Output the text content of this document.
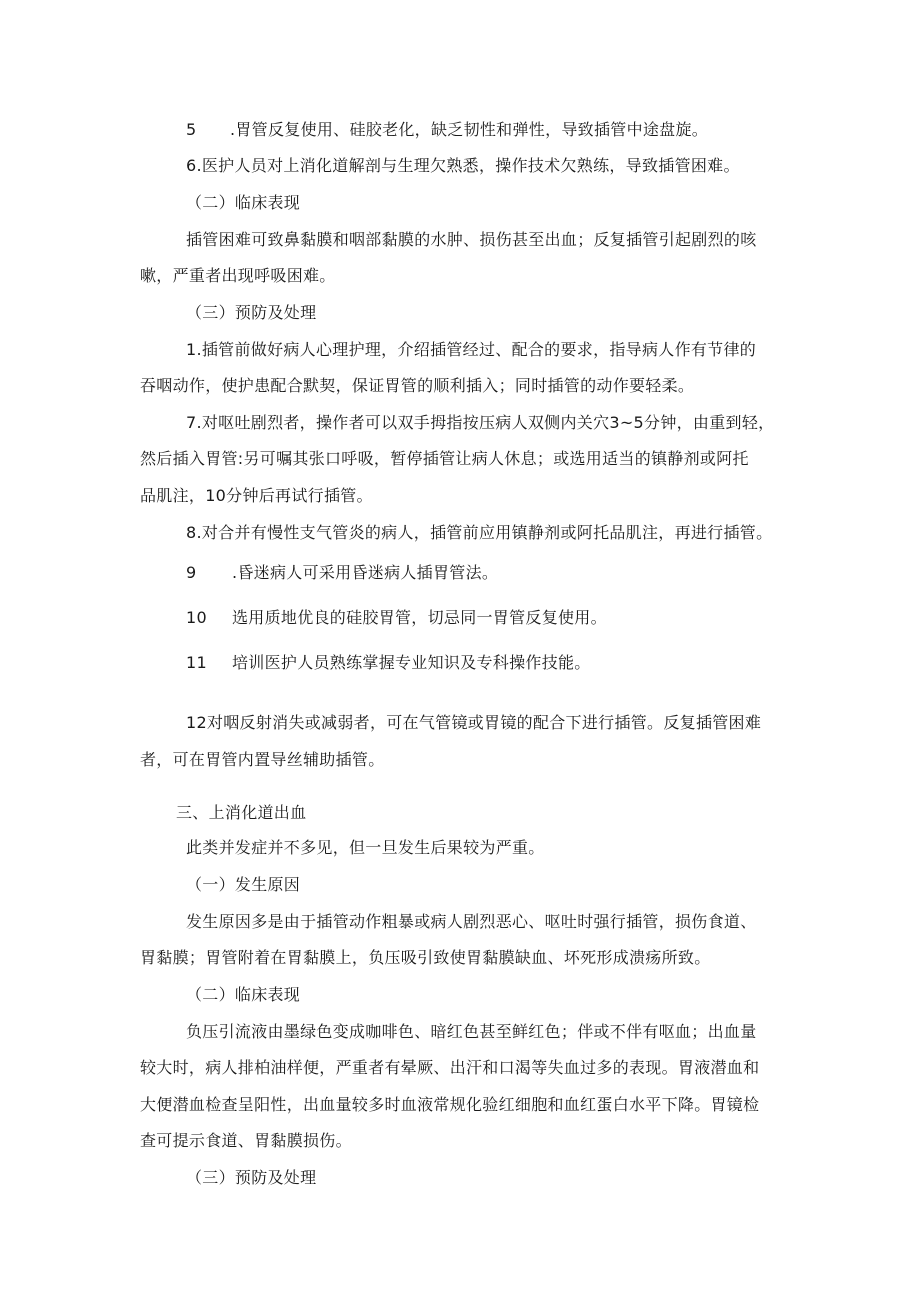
5 .胃管反复使用、硅胶老化，缺乏韧性和弹性，导致插管中途盘旋。
6.医护人员对上消化道解剖与生理欠熟悉，操作技术欠熟练，导致插管困难。
（二）临床表现
插管困难可致鼻黏膜和咽部黏膜的水肿、损伤甚至出血；反复插管引起剧烈的咳
嗽，严重者出现呼吸困难。
（三）预防及处理
1.插管前做好病人心理护理，介绍插管经过、配合的要求，指导病人作有节律的
吞咽动作，使护患配合默契，保证胃管的顺利插入；同时插管的动作要轻柔。
7.对呕吐剧烈者，操作者可以双手拇指按压病人双侧内关穴3~5分钟，由重到轻，
然后插入胃管:另可嘱其张口呼吸，暂停插管让病人休息；或选用适当的镇静剂或阿托
品肌注，10分钟后再试行插管。
8.对合并有慢性支气管炎的病人，插管前应用镇静剂或阿托品肌注，再进行插管。
9 .昏迷病人可采用昏迷病人插胃管法。
10 选用质地优良的硅胶胃管，切忌同一胃管反复使用。
11 培训医护人员熟练掌握专业知识及专科操作技能。
12对咽反射消失或减弱者，可在气管镜或胃镜的配合下进行插管。反复插管困难
者，可在胃管内置导丝辅助插管。
三、上消化道出血
此类并发症并不多见，但一旦发生后果较为严重。
（一）发生原因
发生原因多是由于插管动作粗暴或病人剧烈恶心、呕吐时强行插管，损伤食道、
胃黏膜；胃管附着在胃黏膜上，负压吸引致使胃黏膜缺血、坏死形成溃疡所致。
（二）临床表现
负压引流液由墨绿色变成咖啡色、暗红色甚至鲜红色；伴或不伴有呕血；出血量
较大时，病人排柏油样便，严重者有晕厥、出汗和口渴等失血过多的表现。胃液潜血和
大便潜血检查呈阳性，出血量较多时血液常规化验红细胞和血红蛋白水平下降。胃镜检
查可提示食道、胃黏膜损伤。
（三）预防及处理
